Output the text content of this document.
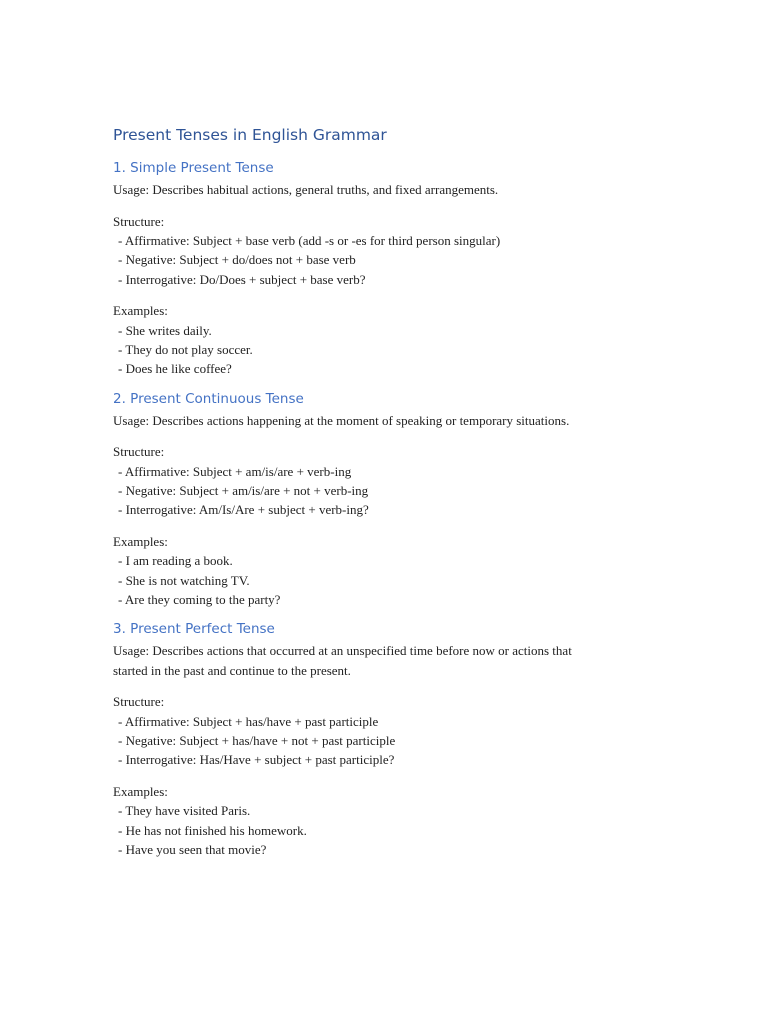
Present Tenses in English Grammar
1. Simple Present Tense

Usage: Describes habitual actions, general truths, and fixed arrangements.

Structure:

- Affirmative: Subject + base verb (add -s or -es for third person singular)

- Negative: Subject + do/does not + base verb

- Interrogative: Do/Does + subject + base verb?

Examples:

- She writes daily.

- They do not play soccer.

- Does he like coffee?

2. Present Continuous Tense

Usage: Describes actions happening at the moment of speaking or temporary situations.

Structure:

- Affirmative: Subject + am/is/are + verb-ing

- Negative: Subject + am/is/are + not + verb-ing

- Interrogative: Am/Is/Are + subject + verb-ing?

Examples:

- I am reading a book.

- She is not watching TV.

- Are they coming to the party?

3. Present Perfect Tense

Usage: Describes actions that occurred at an unspecified time before now or actions that

started in the past and continue to the present.

Structure:

- Affirmative: Subject + has/have + past participle

- Negative: Subject + has/have + not + past participle

- Interrogative: Has/Have + subject + past participle?

Examples:

- They have visited Paris.

- He has not finished his homework.

- Have you seen that movie?
